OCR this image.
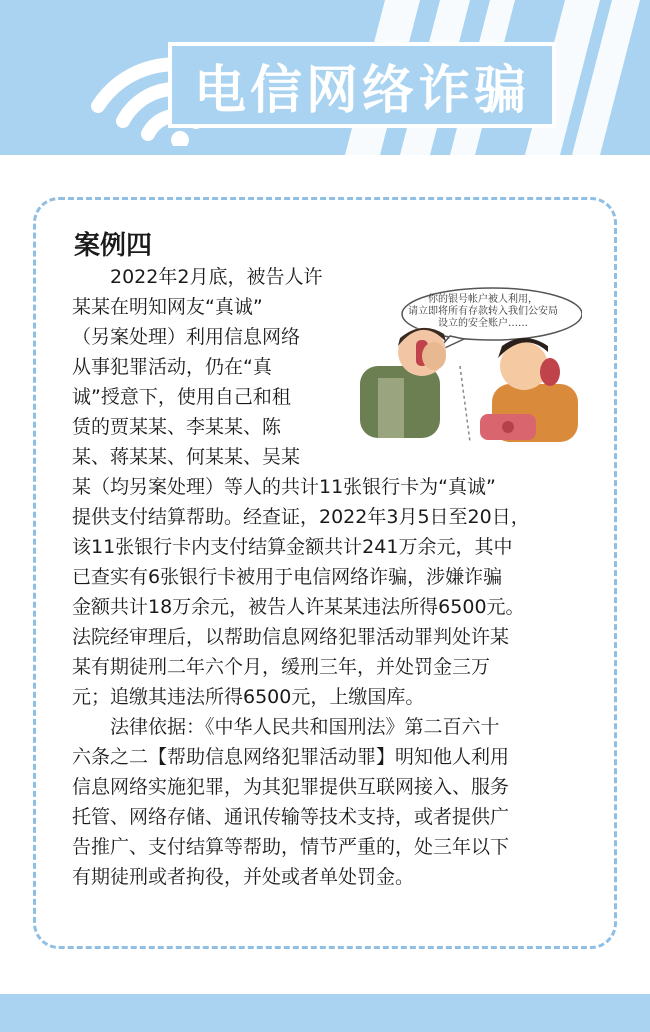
电信网络诈骗
案例四
你的银号帐户被人利用，
请立即将所有存款转入我们公安局
设立的安全账户……
　　2022年2月底，被告人许
某某在明知网友“真诚”
（另案处理）利用信息网络
从事犯罪活动，仍在“真
诚”授意下，使用自己和租
赁的贾某某、李某某、陈
某、蒋某某、何某某、吴某
某（均另案处理）等人的共计11张银行卡为“真诚”
提供支付结算帮助。经查证，2022年3月5日至20日，
该11张银行卡内支付结算金额共计241万余元，其中
已查实有6张银行卡被用于电信网络诈骗，涉嫌诈骗
金额共计18万余元，被告人许某某违法所得6500元。
法院经审理后，以帮助信息网络犯罪活动罪判处许某
某有期徒刑二年六个月，缓刑三年，并处罚金三万
元；追缴其违法所得6500元，上缴国库。
　　法律依据：《中华人民共和国刑法》第二百六十
六条之二【帮助信息网络犯罪活动罪】明知他人利用
信息网络实施犯罪，为其犯罪提供互联网接入、服务
托管、网络存储、通讯传输等技术支持，或者提供广
告推广、支付结算等帮助，情节严重的，处三年以下
有期徒刑或者拘役，并处或者单处罚金。
